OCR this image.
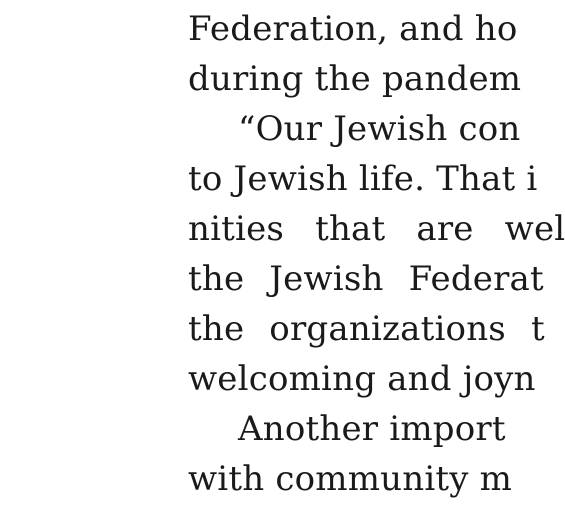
Federation, and ho
during the pandem
“Our Jewish con
to Jewish life. That i
nities that are wel
the Jewish Federat
the organizations t
welcoming and joyn
Another import
with community m
